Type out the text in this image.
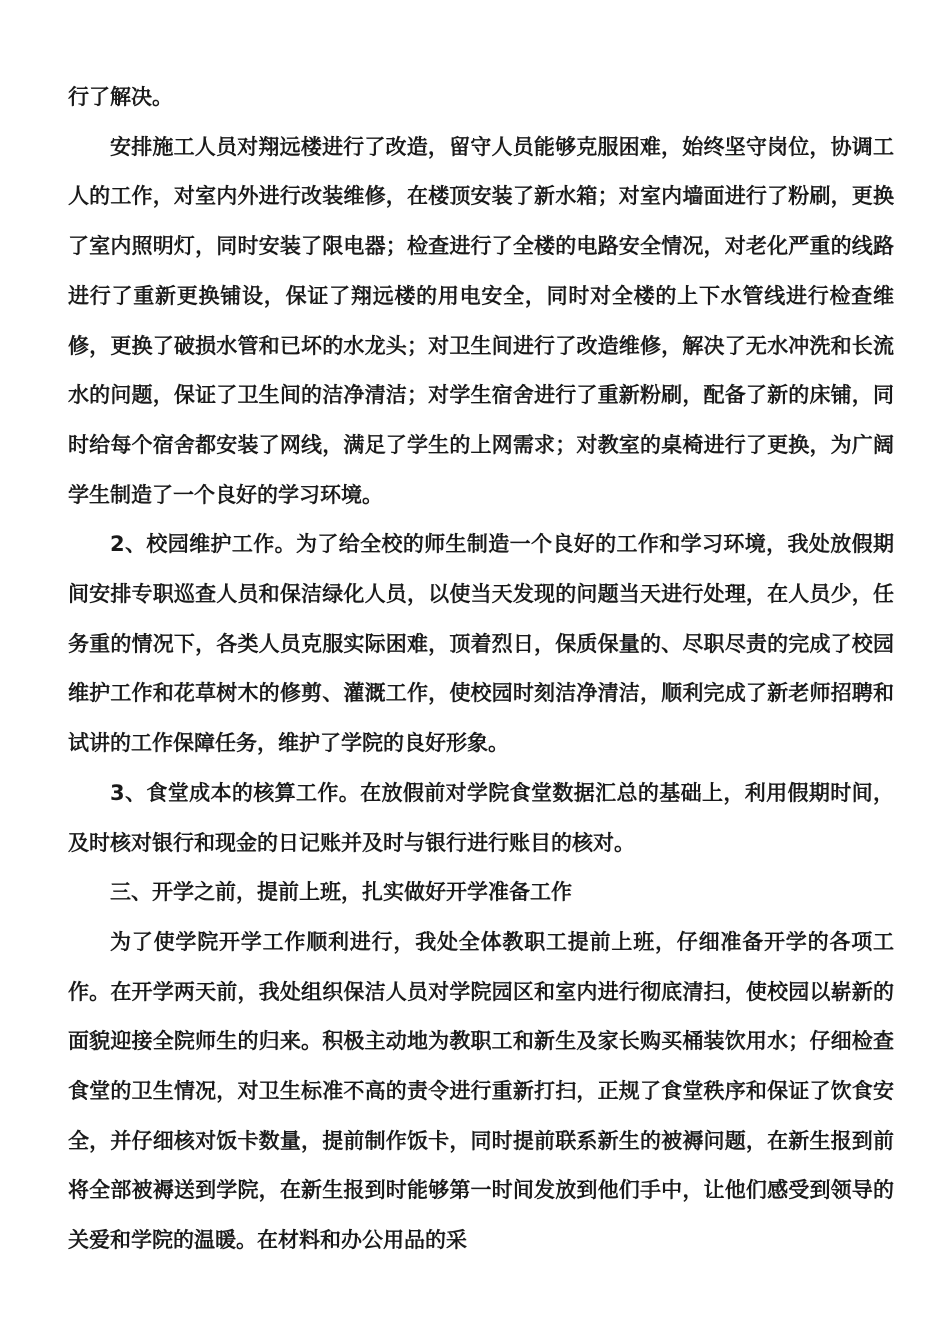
行了解决。

安排施工人员对翔远楼进行了改造，留守人员能够克服困难，始终坚守岗位，协调工人的工作，对室内外进行改装维修，在楼顶安装了新水箱；对室内墙面进行了粉刷，更换了室内照明灯，同时安装了限电器；检查进行了全楼的电路安全情况，对老化严重的线路进行了重新更换铺设，保证了翔远楼的用电安全，同时对全楼的上下水管线进行检查维修，更换了破损水管和已坏的水龙头；对卫生间进行了改造维修，解决了无水冲洗和长流水的问题，保证了卫生间的洁净清洁；对学生宿舍进行了重新粉刷，配备了新的床铺，同时给每个宿舍都安装了网线，满足了学生的上网需求；对教室的桌椅进行了更换，为广阔学生制造了一个良好的学习环境。

2、校园维护工作。为了给全校的师生制造一个良好的工作和学习环境，我处放假期间安排专职巡查人员和保洁绿化人员，以使当天发现的问题当天进行处理，在人员少，任务重的情况下，各类人员克服实际困难，顶着烈日，保质保量的、尽职尽责的完成了校园维护工作和花草树木的修剪、灌溉工作，使校园时刻洁净清洁，顺利完成了新老师招聘和试讲的工作保障任务，维护了学院的良好形象。

3、食堂成本的核算工作。在放假前对学院食堂数据汇总的基础上，利用假期时间，及时核对银行和现金的日记账并及时与银行进行账目的核对。

三、开学之前，提前上班，扎实做好开学准备工作

为了使学院开学工作顺利进行，我处全体教职工提前上班，仔细准备开学的各项工作。在开学两天前，我处组织保洁人员对学院园区和室内进行彻底清扫，使校园以崭新的面貌迎接全院师生的归来。积极主动地为教职工和新生及家长购买桶装饮用水；仔细检查食堂的卫生情况，对卫生标准不高的责令进行重新打扫，正规了食堂秩序和保证了饮食安全，并仔细核对饭卡数量，提前制作饭卡，同时提前联系新生的被褥问题，在新生报到前将全部被褥送到学院，在新生报到时能够第一时间发放到他们手中，让他们感受到领导的关爱和学院的温暖。在材料和办公用品的采
